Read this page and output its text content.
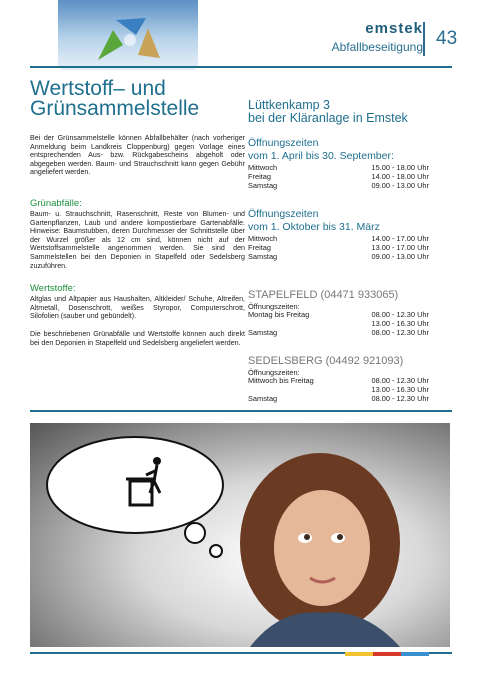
emstek
Abfallbeseitigung 43
Wertstoff– und
Grünsammelstelle

Bei der Grünsammelstelle können Abfallbehälter (nach vorheriger Anmeldung beim Landkreis Cloppenburg) gegen Vorlage eines entsprechenden Aus- bzw. Rückgabescheins abgeholt oder abgegeben werden. Baum- und Strauchschnitt kann gegen Gebühr angeliefert werden.

Grünabfälle:

Baum- u. Strauchschnitt, Rasenschnitt, Reste von Blumen- und Gartenpflanzen, Laub und andere kompostierbare Gartenabfälle. Hinweise: Baumstubben, deren Durchmesser der Schnittstelle über der Wurzel größer als 12 cm sind, können nicht auf der Wertstoffsammelstelle angenommen werden. Sie sind den Sammelstellen bei den Deponien in Stapelfeld oder Sedelsberg zuzuführen.

Wertstoffe:

Altglas und Altpapier aus Haushalten, Altkleider/ Schuhe, Altreifen, Altmetall, Dosenschrott, weißes Styropor, Computerschrott, Silofolien (sauber und gebündelt).

Die beschriebenen Grünabfälle und Wertstoffe können auch direkt bei den Deponien in Stapelfeld und Sedelsberg angeliefert werden.

Lüttkenkamp 3
bei der Kläranlage in Emstek
Öffnungszeiten
vom 1. April bis 30. September:
Mittwoch	15.00 - 18.00 Uhr
Freitag	14.00 - 18.00 Uhr
Samstag	09.00 - 13.00 Uhr
Öffnungszeiten
vom 1. Oktober bis 31. März
Mittwoch	14.00 - 17.00 Uhr
Freitag	13.00 - 17.00 Uhr
Samstag	09.00 - 13.00 Uhr
STAPELFELD (04471 933065)
Öffnungszeiten:
Montag bis Freitag	08.00 - 12.30 Uhr
13.00 - 16.30 Uhr
Samstag	08.00 - 12.30 Uhr
SEDELSBERG (04492 921093)
Öffnungszeiten:
Mittwoch bis Freitag	08.00 - 12.30 Uhr
13.00 - 16.30 Uhr
Samstag	08.00 - 12.30 Uhr
